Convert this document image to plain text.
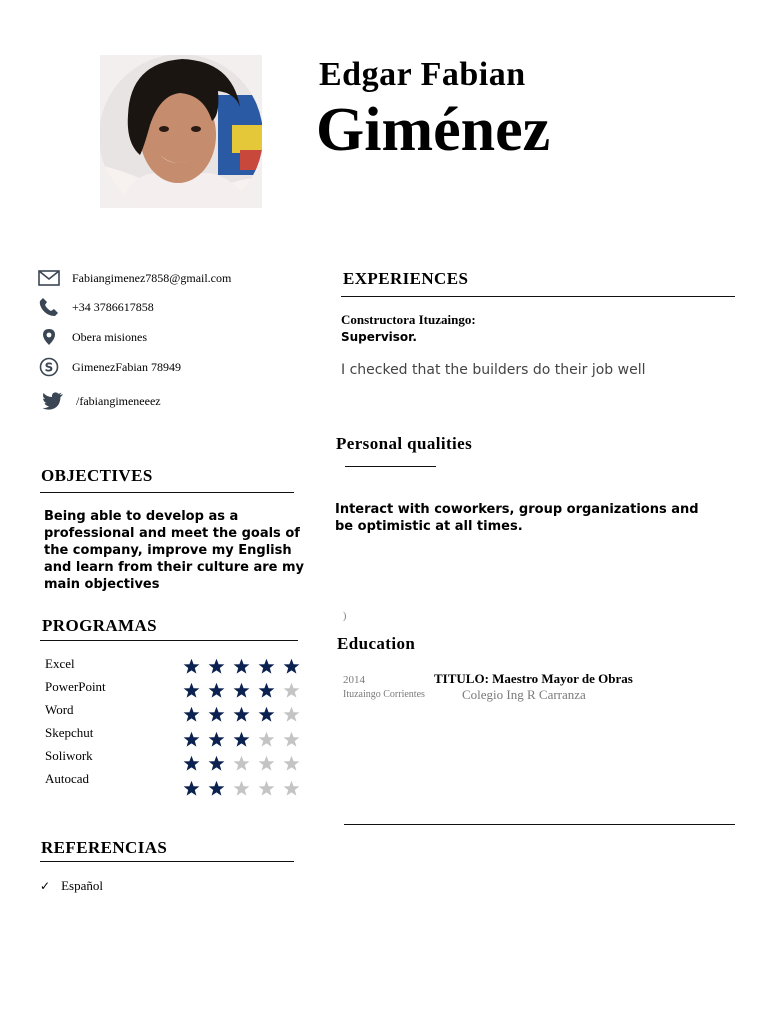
Edgar Fabian
Giménez
Fabiangimenez7858@gmail.com
+34 3786617858
Obera misiones
S GimenezFabian 78949
/fabiangimeneeez
OBJECTIVES
Being able to develop as a professional and meet the goals of the company, improve my English and learn from their culture are my main objectives
PROGRAMAS
Excel
PowerPoint
Word
Skepchut
Soliwork
Autocad
REFERENCIAS
✓ Español
EXPERIENCES
Constructora Ituzaingo:
Supervisor.
I checked that the builders do their job well
Personal qualities
Interact with coworkers, group organizations and be optimistic at all times.
)
Education
2014
Ituzaingo Corrientes
TITULO: Maestro Mayor de Obras
Colegio Ing R Carranza
